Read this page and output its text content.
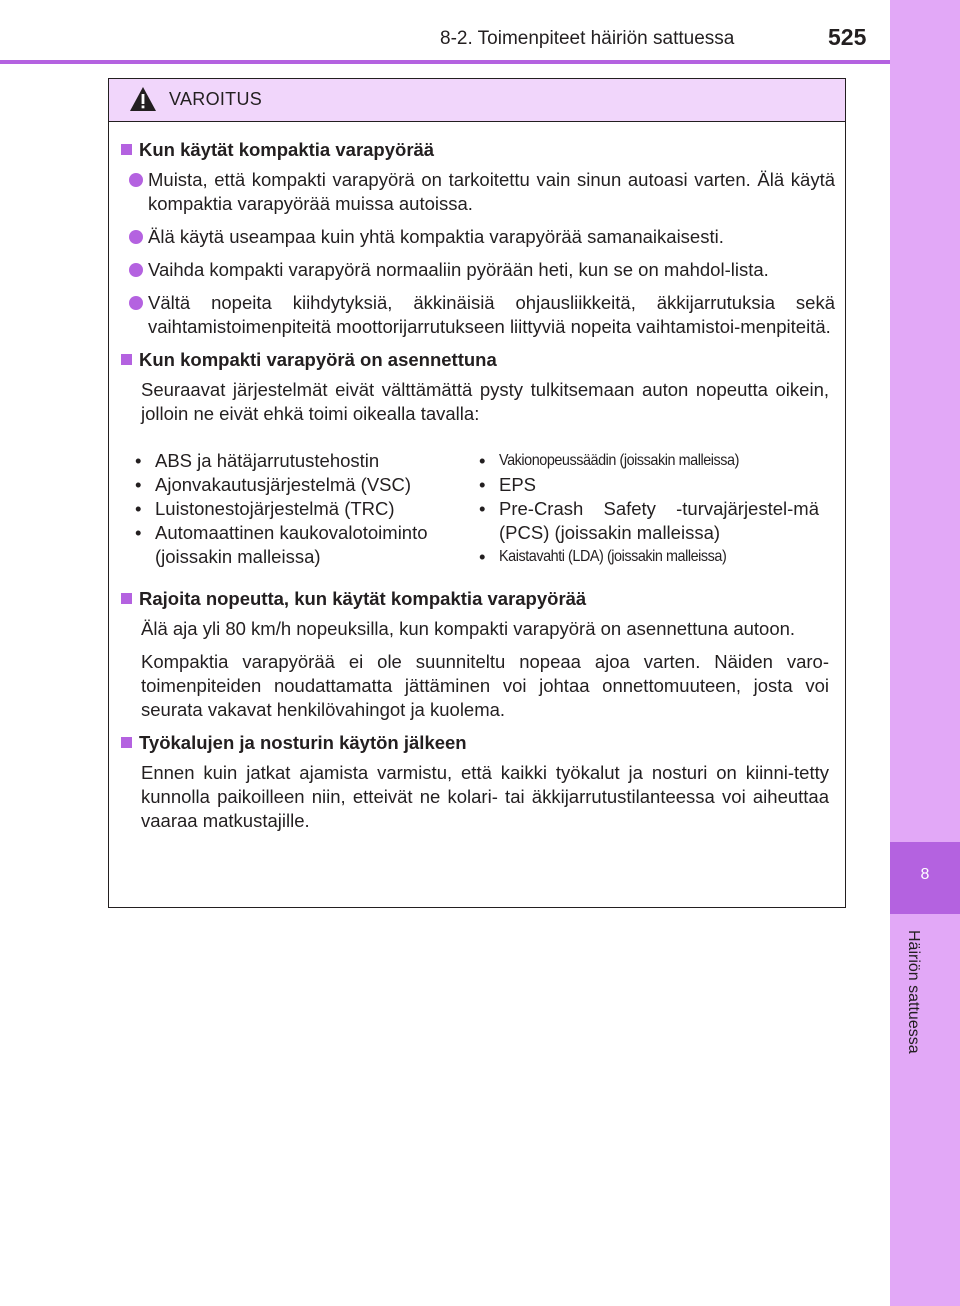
8-2. Toimenpiteet häiriön sattuessa	525
8
Häiriön sattuessa
VAROITUS
Kun käytät kompaktia varapyörää
Muista, että kompakti varapyörä on tarkoitettu vain sinun autoasi varten. Älä käytä kompaktia varapyörää muissa autoissa.
Älä käytä useampaa kuin yhtä kompaktia varapyörää samanaikaisesti.
Vaihda kompakti varapyörä normaaliin pyörään heti, kun se on mahdol-lista.
Vältä nopeita kiihdytyksiä, äkkinäisiä ohjausliikkeitä, äkkijarrutuksia sekä vaihtamistoimenpiteitä moottorijarrutukseen liittyviä nopeita vaihtamistoi-menpiteitä.
Kun kompakti varapyörä on asennettuna
Seuraavat järjestelmät eivät välttämättä pysty tulkitsemaan auton nopeutta oikein, jolloin ne eivät ehkä toimi oikealla tavalla:
• ABS ja hätäjarrutustehostin
• Ajonvakautusjärjestelmä (VSC)
• Luistonestojärjestelmä (TRC)
• Automaattinen kaukovalotoiminto (joissakin malleissa)
• Vakionopeussäädin (joissakin malleissa)
• EPS
• Pre-Crash Safety -turvajärjestel-mä (PCS) (joissakin malleissa)
• Kaistavahti (LDA) (joissakin malleissa)
Rajoita nopeutta, kun käytät kompaktia varapyörää
Älä aja yli 80 km/h nopeuksilla, kun kompakti varapyörä on asennettuna autoon.
Kompaktia varapyörää ei ole suunniteltu nopeaa ajoa varten. Näiden varo-toimenpiteiden noudattamatta jättäminen voi johtaa onnettomuuteen, josta voi seurata vakavat henkilövahingot ja kuolema.
Työkalujen ja nosturin käytön jälkeen
Ennen kuin jatkat ajamista varmistu, että kaikki työkalut ja nosturi on kiinni-tetty kunnolla paikoilleen niin, etteivät ne kolari- tai äkkijarrutustilanteessa voi aiheuttaa vaaraa matkustajille.
